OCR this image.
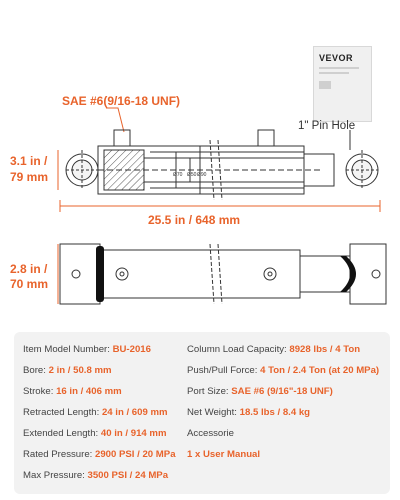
VEVOR
SAE #6(9/16-18 UNF)
1" Pin Hole
3.1 in /
79 mm
25.5 in / 648 mm
2.8 in /
70 mm
Ø70 Ø50 Ø90
Item Model Number: BU-2016
Bore: 2 in / 50.8 mm
Stroke: 16 in / 406 mm
Retracted Length: 24 in / 609 mm
Extended Length: 40 in / 914 mm
Rated Pressure: 2900 PSI / 20 MPa
Max Pressure: 3500 PSI / 24 MPa
Column Load Capacity: 8928 lbs / 4 Ton
Push/Pull Force: 4 Ton / 2.4 Ton (at 20 MPa)
Port Size: SAE #6 (9/16"-18 UNF)
Net Weight: 18.5 lbs / 8.4 kg
Accessorie
1 x User Manual
